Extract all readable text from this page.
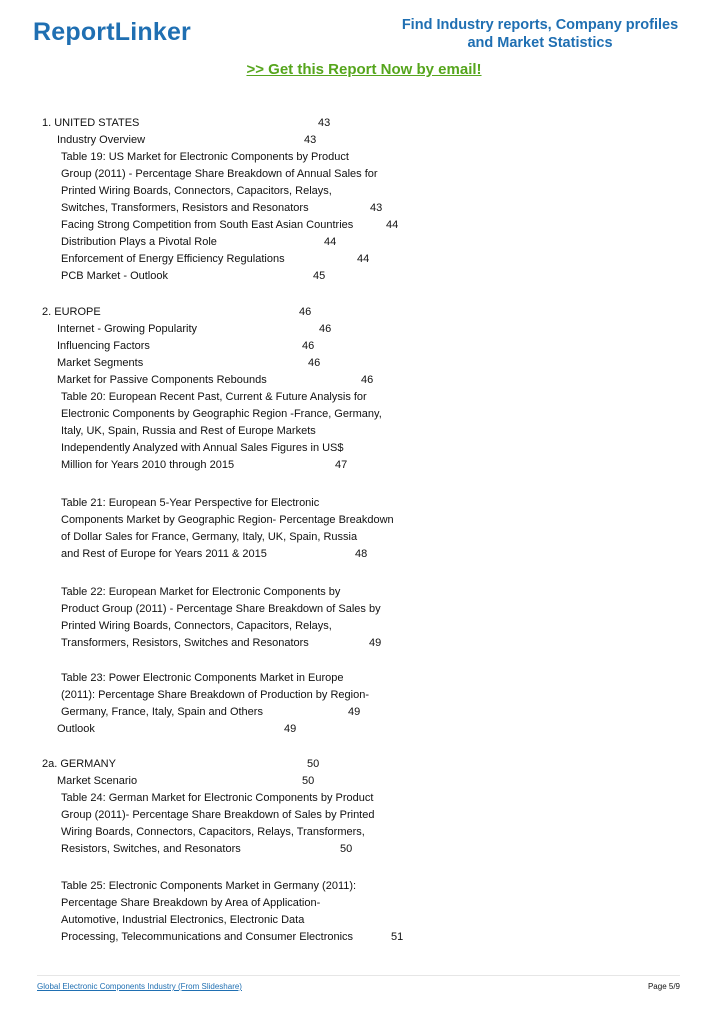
ReportLinker	Find Industry reports, Company profiles
and Market Statistics
>> Get this Report Now by email!
1. UNITED STATES	43
Industry Overview	43
Table 19: US Market for Electronic Components by Product
Group (2011) - Percentage Share Breakdown of Annual Sales for
Printed Wiring Boards, Connectors, Capacitors, Relays,
Switches, Transformers, Resistors and Resonators	43
Facing Strong Competition from South East Asian Countries	44
Distribution Plays a Pivotal Role	44
Enforcement of Energy Efficiency Regulations	44
PCB Market - Outlook	45
2. EUROPE	46
Internet - Growing Popularity	46
Influencing Factors	46
Market Segments	46
Market for Passive Components Rebounds	46
Table 20: European Recent Past, Current & Future Analysis for
Electronic Components by Geographic Region -France, Germany,
Italy, UK, Spain, Russia and Rest of Europe Markets
Independently Analyzed with Annual Sales Figures in US$
Million for Years 2010 through 2015	47
Table 21: European 5-Year Perspective for Electronic
Components Market by Geographic Region- Percentage Breakdown
of Dollar Sales for France, Germany, Italy, UK, Spain, Russia
and Rest of Europe for Years 2011 & 2015	48
Table 22: European Market for Electronic Components by
Product Group (2011) - Percentage Share Breakdown of Sales by
Printed Wiring Boards, Connectors, Capacitors, Relays,
Transformers, Resistors, Switches and Resonators	49
Table 23: Power Electronic Components Market in Europe
(2011): Percentage Share Breakdown of Production by Region-
Germany, France, Italy, Spain and Others	49
Outlook	49
2a. GERMANY	50
Market Scenario	50
Table 24: German Market for Electronic Components by Product
Group (2011)- Percentage Share Breakdown of Sales by Printed
Wiring Boards, Connectors, Capacitors, Relays, Transformers,
Resistors, Switches, and Resonators	50
Table 25: Electronic Components Market in Germany (2011):
Percentage Share Breakdown by Area of Application-
Automotive, Industrial Electronics, Electronic Data
Processing, Telecommunications and Consumer Electronics	51
Global Electronic Components Industry (From Slideshare)	Page 5/9
